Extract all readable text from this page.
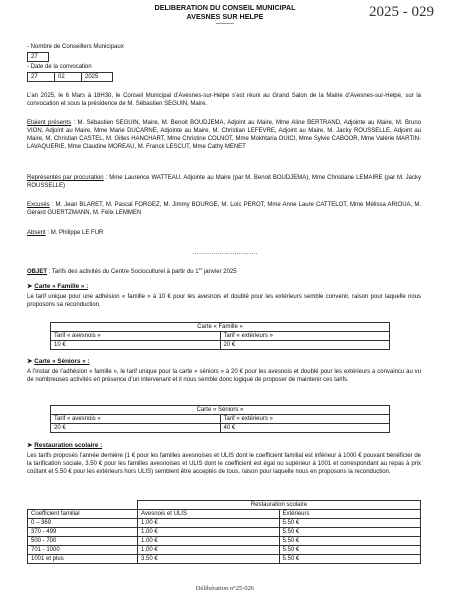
DELIBERATION DU CONSEIL MUNICIPAL
AVESNES SUR HELPE
———
2025 - 029
- Nombre de Conseillers Municipaux
27
- Date de la convocation
27	02	2025
L’an 2025, le 6 Mars à 18H30, le Conseil Municipal d’Avesnes-sur-Helpe s’est réuni au Grand Salon de la Mairie d’Avesnes-sur-Helpe, sur la convocation et sous la présidence de M. Sébastien SEGUIN, Maire.
Etaient présents : M. Sébastien SEGUIN, Maire, M. Benoit BOUDJEMA, Adjoint au Maire, Mme Aline BERTRAND, Adjointe au Maire, M. Bruno VION, Adjoint au Maire, Mme Marie DUCARNE, Adjointe au Maire, M. Christian LEFEVRE, Adjoint au Maire, M. Jacky ROUSSELLE, Adjoint au Maire, M. Christian CASTEL, M. Gilles HANCHART, Mme Christine COLNOT, Mme Mokhtaria OUICI, Mme Sylvie CABOOR, Mme Valérie MARTIN-LAVAQUERIE, Mme Claudine MOREAU, M. Franck LESCUT, Mme Cathy MENET
Représentés par procuration : Mme Laurence WATTEAU, Adjointe au Maire (par M. Benoit BOUDJEMA), Mme Christiane LEMAIRE (par M. Jacky ROUSSELLE)
Excusés : M. Jean BLARET, M. Pascal FORGEZ, M. Jimmy BOURGE, M. Loïc PEROT, Mme Anne Laure CATTELOT, Mme Mélissa ARIOUA, M. Gérard GUERTZMANN, M. Félix LEMMEN
Absent : M. Philippe LE FUR
………………………….
OBJET : Tarifs des activités du Centre Socioculturel à partir du 1er janvier 2025
➤ Carte « Famille » :
Le tarif unique pour une adhésion « famille » à 10 € pour les avesnois et doublé pour les extérieurs semble convenir, raison pour laquelle nous proposons sa reconduction.
Carte « Famille »	
Tarif « avesnois »	Tarif « extérieurs »
10 €	20 €
➤ Carte « Séniors » :
A l’instar de l’adhésion « famille », le tarif unique pour la carte « séniors » à 20 € pour les avesnois et doublé pour les extérieurs a convaincu au vu de nombreuses activités en présence d’un intervenant et il nous semble donc logique de proposer de maintenir ces tarifs.
Carte « Séniors »	
Tarif « avesnois »	Tarif « extérieurs »
20 €	40 €
➤ Restauration scolaire :
Les tarifs proposés l’année dernière (1 € pour les familles avesnoises et ULIS dont le coefficient familial est inférieur à 1000 € pouvant bénéficier de la tarification sociale, 3.50 € pour les familles avesnoises et ULIS dont le coefficient est égal ou supérieur à 1001 et correspondant au repas à prix coûtant et 5.50 € pour les extérieurs hors ULIS) semblent être acceptés de tous, raison pour laquelle nous en proposons la reconduction.
	Restauration scolaire	
Coefficient familial	Avesnois et ULIS	Extérieurs
0 – 369	1.00 €	5.50 €
370 - 499	1.00 €	5.50 €
500 - 700	1.00 €	5.50 €
701 - 1000	1.00 €	5.50 €
1001 et plus	3.50 €	5.50 €
Délibération n°25-026
